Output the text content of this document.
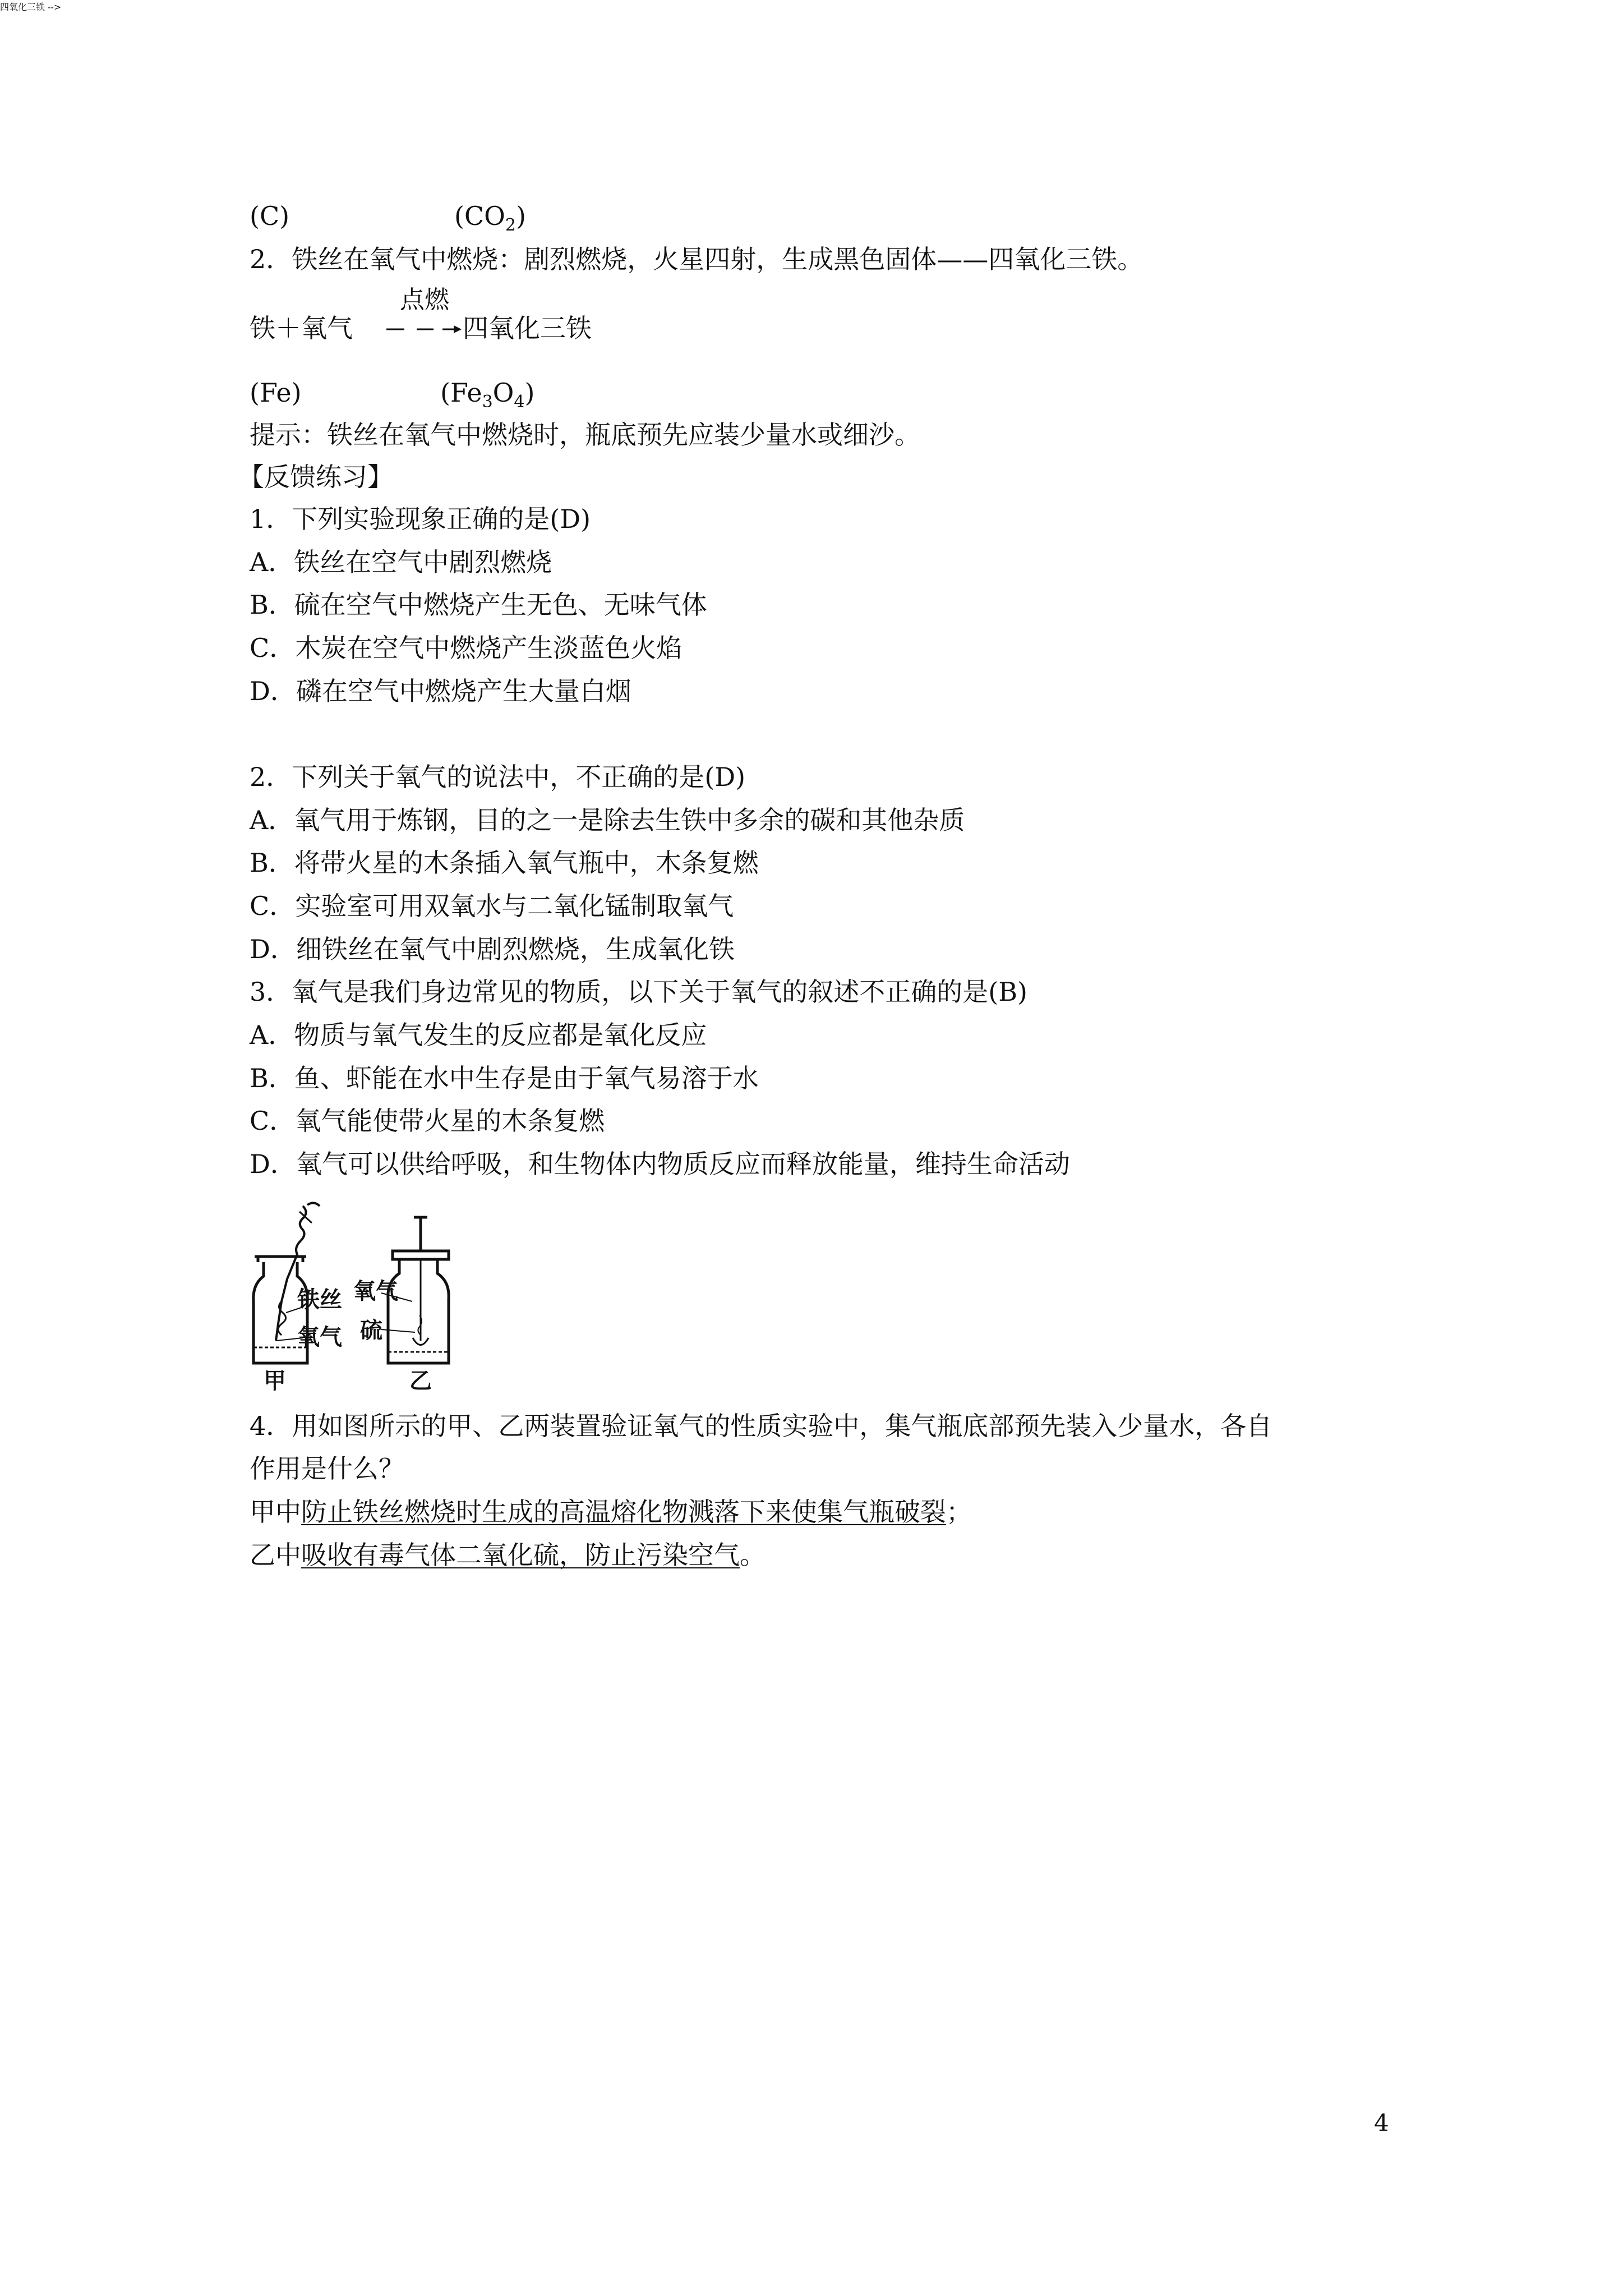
(C)	$(CO_2)$
2．铁丝在氧气中燃烧：剧烈燃烧，火星四射，生成黑色固体——四氧化三铁。
四氧化三铁 -->
铁＋氧气
点燃
四氧化三铁
(Fe)	$(Fe_3O_4)$
提示：铁丝在氧气中燃烧时，瓶底预先应装少量水或细沙。
【反馈练习】
1．下列实验现象正确的是(D)
A．铁丝在空气中剧烈燃烧
B．硫在空气中燃烧产生无色、无味气体
C．木炭在空气中燃烧产生淡蓝色火焰
D．磷在空气中燃烧产生大量白烟
2．下列关于氧气的说法中，不正确的是(D)
A．氧气用于炼钢，目的之一是除去生铁中多余的碳和其他杂质
B．将带火星的木条插入氧气瓶中，木条复燃
C．实验室可用双氧水与二氧化锰制取氧气
D．细铁丝在氧气中剧烈燃烧，生成氧化铁
3．氧气是我们身边常见的物质，以下关于氧气的叙述不正确的是(B)
A．物质与氧气发生的反应都是氧化反应
B．鱼、虾能在水中生存是由于氧气易溶于水
C．氧气能使带火星的木条复燃
D．氧气可以供给呼吸，和生物体内物质反应而释放能量，维持生命活动
铁丝
氧气
氧气
硫
甲	乙
4．用如图所示的甲、乙两装置验证氧气的性质实验中，集气瓶底部预先装入少量水，各自
作用是什么？
甲中防止铁丝燃烧时生成的高温熔化物溅落下来使集气瓶破裂；
乙中吸收有毒气体二氧化硫，防止污染空气。
4
